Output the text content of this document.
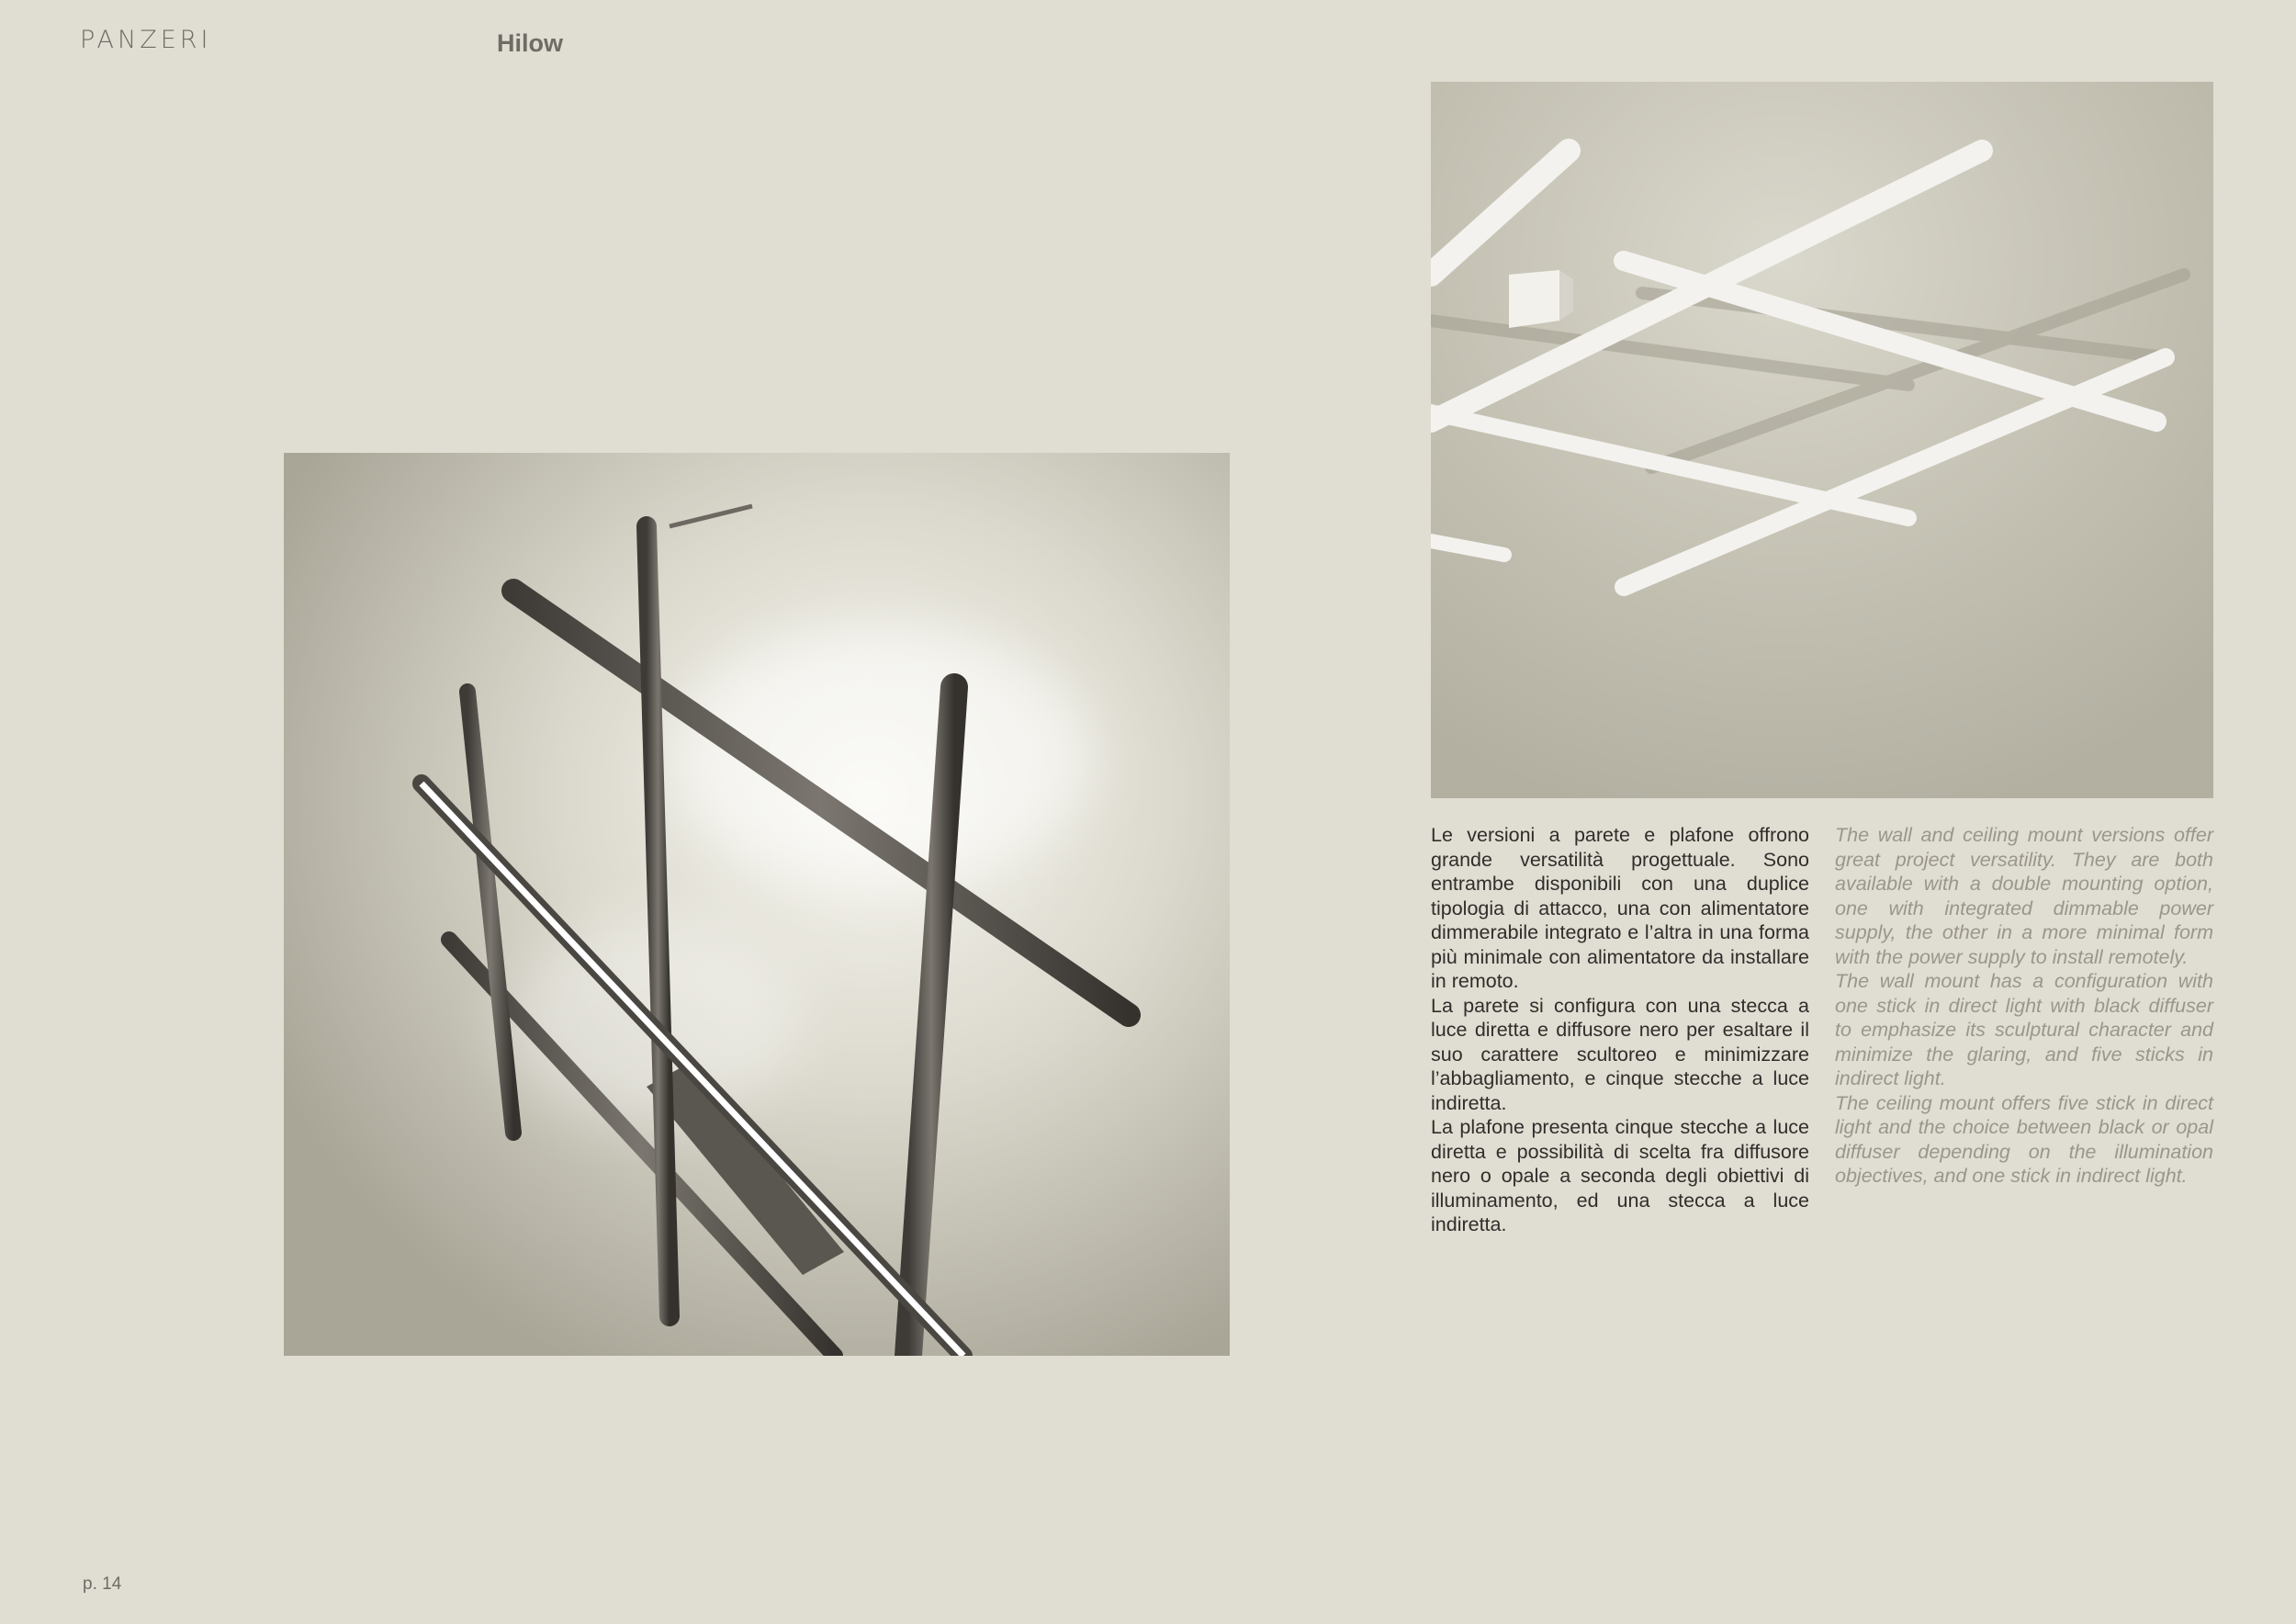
PANZERI	Hilow

Le versioni a parete e plafone offrono grande versatilità progettuale. Sono entrambe disponibili con una duplice tipologia di attacco, una con alimentatore dimmerabile integrato e l’altra in una forma più minimale con alimentatore da installare in remoto.

La parete si configura con una stecca a luce diretta e diffusore nero per esaltare il suo carattere scultoreo e minimizzare l’abbagliamento, e cinque stecche a luce indiretta.

La plafone presenta cinque stecche a luce diretta e possibilità di scelta fra diffusore nero o opale a seconda degli obiettivi di illuminamento, ed una stecca a luce indiretta.

The wall and ceiling mount versions offer great project versatility. They are both available with a double mounting option, one with integrated dimmable power supply, the other in a more minimal form with the power supply to install remotely.

The wall mount has a configuration with one stick in direct light with black diffuser to emphasize its sculptural character and minimize the glaring, and five sticks in indirect light.

The ceiling mount offers five stick in direct light and the choice between black or opal diffuser depending on the illumination objectives, and one stick in indirect light.

p. 14
